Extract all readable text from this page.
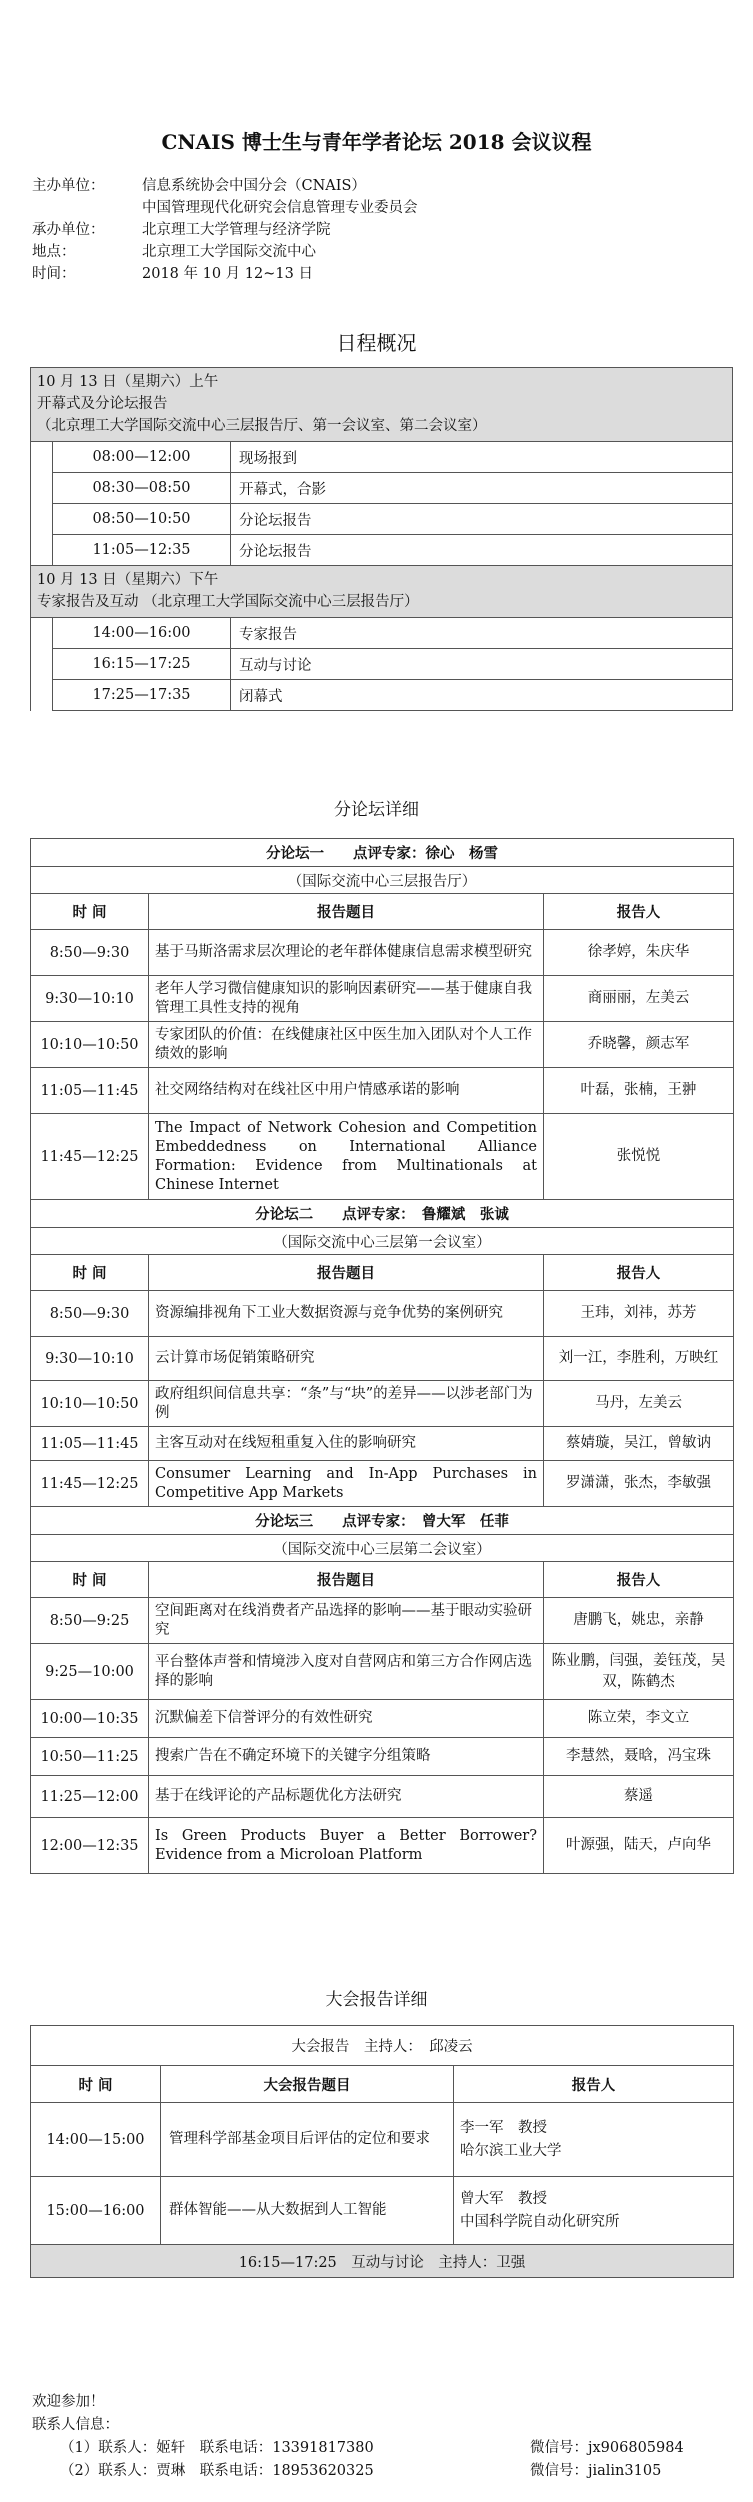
CNAIS 博士生与青年学者论坛 2018 会议议程
主办单位：	信息系统协会中国分会（CNAIS）
中国管理现代化研究会信息管理专业委员会
承办单位：	北京理工大学管理与经济学院
地点：	北京理工大学国际交流中心
时间：	2018 年 10 月 12~13 日
日程概况
10 月 13 日（星期六）上午
开幕式及分论坛报告
（北京理工大学国际交流中心三层报告厅、第一会议室、第二会议室）		

	08:00—12:00	现场报到
	08:30—08:50	开幕式，合影
	08:50—10:50	分论坛报告
	11:05—12:35	分论坛报告

10 月 13 日（星期六）下午
专家报告及互动 （北京理工大学国际交流中心三层报告厅）		

	14:00—16:00	专家报告
	16:15—17:25	互动与讨论
	17:25—17:35	闭幕式
分论坛详细
分论坛一　　点评专家：徐心　杨雪		
（国际交流中心三层报告厅）		
时 间	报告题目	报告人
8:50—9:30	基于马斯洛需求层次理论的老年群体健康信息需求模型研究	徐孝婷，朱庆华
9:30—10:10	老年人学习微信健康知识的影响因素研究——基于健康自我管理工具性支持的视角	商丽丽，左美云
10:10—10:50	专家团队的价值：在线健康社区中医生加入团队对个人工作绩效的影响	乔晓馨，颜志军
11:05—11:45	社交网络结构对在线社区中用户情感承诺的影响	叶磊，张楠，王翀
11:45—12:25	The Impact of Network Cohesion and Competition Embeddedness on International Alliance Formation: Evidence from Multinationals at Chinese Internet	张悦悦
分论坛二　　点评专家：　鲁耀斌　张诚		
（国际交流中心三层第一会议室）		
时 间	报告题目	报告人
8:50—9:30	资源编排视角下工业大数据资源与竞争优势的案例研究	王玮，刘祎，苏芳
9:30—10:10	云计算市场促销策略研究	刘一江，李胜利，万映红
10:10—10:50	政府组织间信息共享：“条”与“块”的差异——以涉老部门为例	马丹，左美云
11:05—11:45	主客互动对在线短租重复入住的影响研究	蔡婧璇，吴江，曾敏讷
11:45—12:25	Consumer Learning and In-App Purchases in Competitive App Markets	罗潇潇，张杰，李敏强
分论坛三　　点评专家：　曾大军　任菲		
（国际交流中心三层第二会议室）		
时 间	报告题目	报告人
8:50—9:25	空间距离对在线消费者产品选择的影响——基于眼动实验研究	唐鹏飞，姚忠，亲静
9:25—10:00	平台整体声誉和情境涉入度对自营网店和第三方合作网店选择的影响	陈业鹏，闫强，姜钰茂，吴双，陈鹤杰
10:00—10:35	沉默偏差下信誉评分的有效性研究	陈立荣，李文立
10:50—11:25	搜索广告在不确定环境下的关键字分组策略	李慧然，聂晗，冯宝珠
11:25—12:00	基于在线评论的产品标题优化方法研究	蔡遥
12:00—12:35	Is Green Products Buyer a Better Borrower? Evidence from a Microloan Platform	叶源强，陆天，卢向华
大会报告详细
大会报告　主持人：　邱凌云		
时 间	大会报告题目	报告人
14:00—15:00	管理科学部基金项目后评估的定位和要求	李一军　教授
哈尔滨工业大学

15:00—16:00	群体智能——从大数据到人工智能	曾大军　教授
中国科学院自动化研究所

16:15—17:25　互动与讨论　主持人：卫强		
欢迎参加！
联系人信息：
（1）联系人：姬轩　联系电话：13391817380	微信号：jx906805984
（2）联系人：贾琳　联系电话：18953620325	微信号：jialin3105
